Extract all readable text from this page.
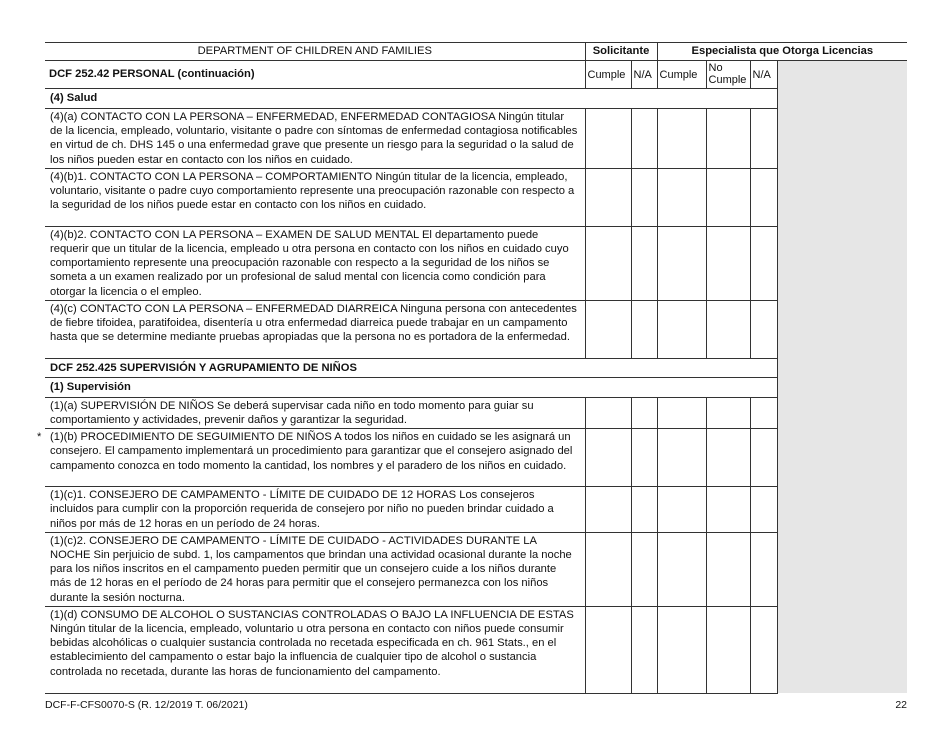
DEPARTMENT OF CHILDREN AND FAMILIES	Solicitante		Especialista que Otorga Licencias			
DCF 252.42 PERSONAL (continuación)	Cumple	N/A	Cumple	No Cumple	N/A	
(4) Salud						
(4)(a) CONTACTO CON LA PERSONA – ENFERMEDAD, ENFERMEDAD CONTAGIOSA Ningún titular de la licencia, empleado, voluntario, visitante o padre con síntomas de enfermedad contagiosa notificables en virtud de ch. DHS 145 o una enfermedad grave que presente un riesgo para la seguridad o la salud de los niños pueden estar en contacto con los niños en cuidado.						
(4)(b)1. CONTACTO CON LA PERSONA – COMPORTAMIENTO Ningún titular de la licencia, empleado, voluntario, visitante o padre cuyo comportamiento represente una preocupación razonable con respecto a la seguridad de los niños puede estar en contacto con los niños en cuidado.						
(4)(b)2. CONTACTO CON LA PERSONA – EXAMEN DE SALUD MENTAL El departamento puede requerir que un titular de la licencia, empleado u otra persona en contacto con los niños en cuidado cuyo comportamiento represente una preocupación razonable con respecto a la seguridad de los niños se someta a un examen realizado por un profesional de salud mental con licencia como condición para otorgar la licencia o el empleo.						
(4)(c) CONTACTO CON LA PERSONA – ENFERMEDAD DIARREICA Ninguna persona con antecedentes de fiebre tifoidea, paratifoidea, disentería u otra enfermedad diarreica puede trabajar en un campamento hasta que se determine mediante pruebas apropiadas que la persona no es portadora de la enfermedad.						
DCF 252.425 SUPERVISIÓN Y AGRUPAMIENTO DE NIÑOS						
(1) Supervisión						
(1)(a) SUPERVISIÓN DE NIÑOS Se deberá supervisar cada niño en todo momento para guiar su comportamiento y actividades, prevenir daños y garantizar la seguridad.						

* (1)(b) PROCEDIMIENTO DE SEGUIMIENTO DE NIÑOS A todos los niños en cuidado se les asignará un consejero. El campamento implementará un procedimiento para garantizar que el consejero asignado del campamento conozca en todo momento la cantidad, los nombres y el paradero de los niños en cuidado.						
(1)(c)1. CONSEJERO DE CAMPAMENTO - LÍMITE DE CUIDADO DE 12 HORAS Los consejeros incluidos para cumplir con la proporción requerida de consejero por niño no pueden brindar cuidado a niños por más de 12 horas en un período de 24 horas.						
(1)(c)2. CONSEJERO DE CAMPAMENTO - LÍMITE DE CUIDADO - ACTIVIDADES DURANTE LA NOCHE Sin perjuicio de subd. 1, los campamentos que brindan una actividad ocasional durante la noche para los niños inscritos en el campamento pueden permitir que un consejero cuide a los niños durante más de 12 horas en el período de 24 horas para permitir que el consejero permanezca con los niños durante la sesión nocturna.						
(1)(d) CONSUMO DE ALCOHOL O SUSTANCIAS CONTROLADAS O BAJO LA INFLUENCIA DE ESTAS Ningún titular de la licencia, empleado, voluntario u otra persona en contacto con niños puede consumir bebidas alcohólicas o cualquier sustancia controlada no recetada especificada en ch. 961 Stats., en el establecimiento del campamento o estar bajo la influencia de cualquier tipo de alcohol o sustancia controlada no recetada, durante las horas de funcionamiento del campamento.						
DCF-F-CFS0070-S (R. 12/2019 T. 06/2021)	22
